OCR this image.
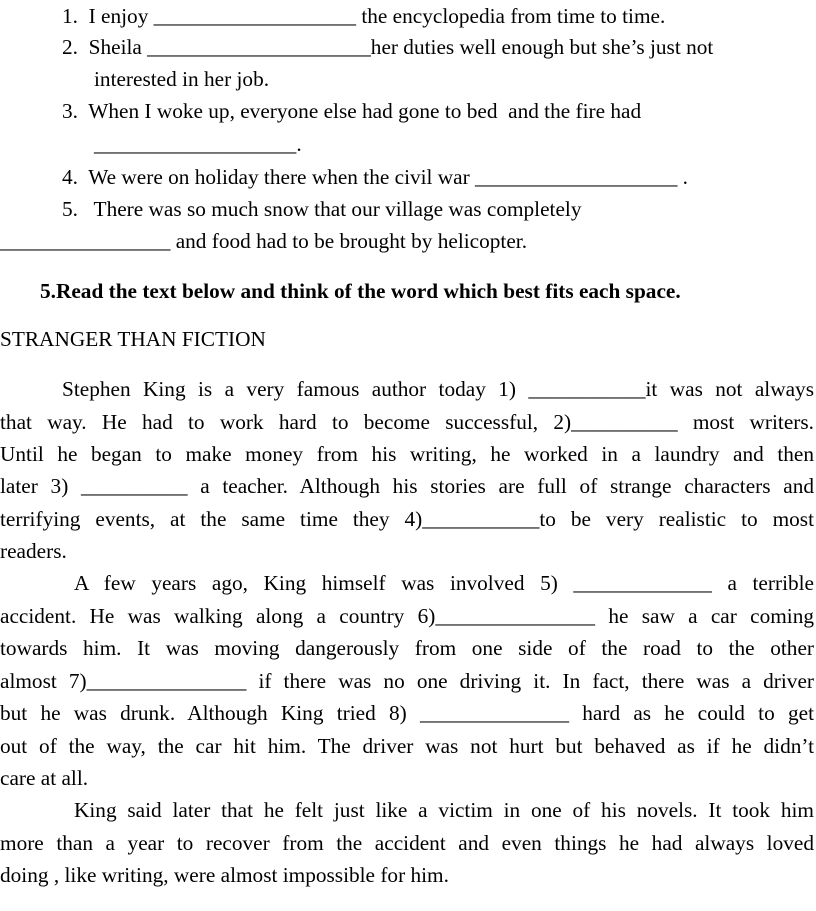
1.  I enjoy ___________________ the encyclopedia from time to time.
2.  Sheila _____________________her duties well enough but she’s just not
interested in her job.
3.  When I woke up, everyone else had gone to bed  and the fire had
___________________.
4.  We were on holiday there when the civil war ___________________ .
5.   There was so much snow that our village was completely
________________ and food had to be brought by helicopter.
5.Read the text below and think of the word which best fits each space.
STRANGER THAN FICTION
Stephen King is a very famous author today 1) ___________it was not always
that way. He had to work hard to become successful, 2)__________ most writers.
Until he began to make money from his writing, he worked in a laundry and then
later 3) __________ a teacher. Although his stories are full of strange characters and
terrifying events, at the same time they 4)___________to be very realistic to most
readers.
A few years ago, King himself was involved 5) _____________ a terrible
accident. He was walking along a country 6)_______________ he saw a car coming
towards him. It was moving dangerously from one side of the road to the other
almost 7)_______________ if there was no one driving it. In fact, there was a driver
but he was drunk. Although King tried 8) ______________ hard as he could to get
out of the way, the car hit him. The driver was not hurt but behaved as if he didn’t
care at all.
King said later that he felt just like a victim in one of his novels. It took him
more than a year to recover from the accident and even things he had always loved
doing , like writing, were almost impossible for him.
